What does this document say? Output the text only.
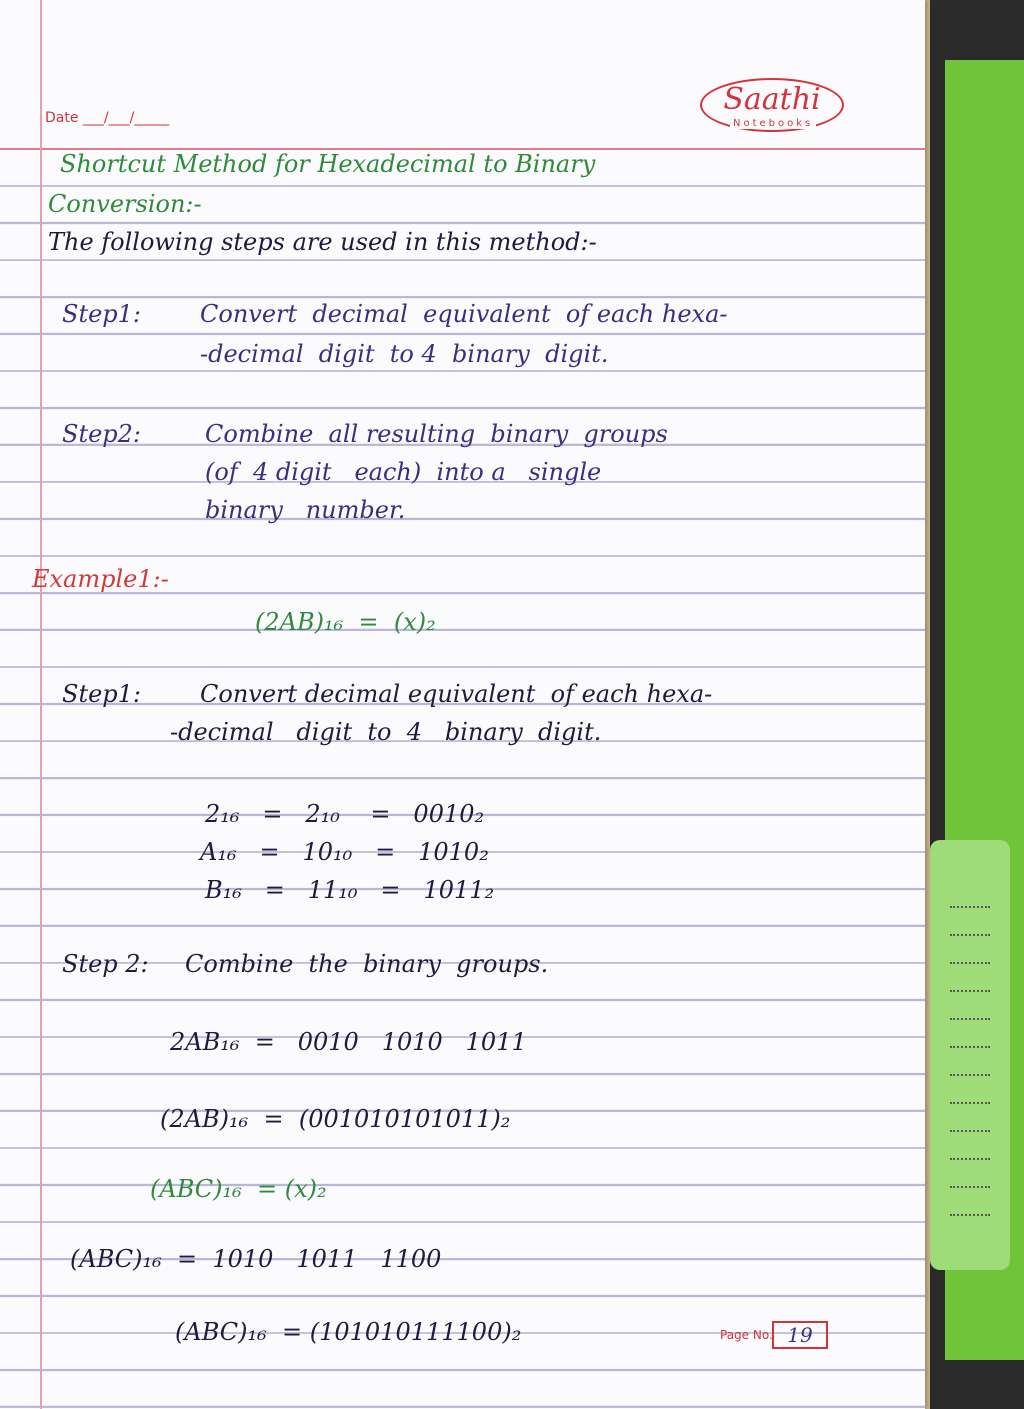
Saathi
Notebooks
Date ___/___/_____
Shortcut Method for Hexadecimal to Binary
Conversion:-
The following steps are used in this method:-
Step1: Convert  decimal  equivalent  of each hexa-
-decimal  digit  to 4  binary  digit.
Step2:	Combine  all resulting  binary  groups
(of  4 digit   each)  into a   single
binary   number.
Example1:-
(2AB)₁₆  =  (x)₂
Step1: Convert decimal equivalent  of each hexa-
-decimal   digit  to  4   binary  digit.
2₁₆   =   2₁₀    =   0010₂
A₁₆   =   10₁₀   =   1010₂
B₁₆   =   11₁₀   =   1011₂
Step 2: Combine  the  binary  groups.
2AB₁₆  =   0010   1010   1011
(2AB)₁₆  =  (001010101011)₂
(ABC)₁₆  = (x)₂
(ABC)₁₆  =  1010   1011   1100
(ABC)₁₆  = (101010111100)₂	Page No. 19
